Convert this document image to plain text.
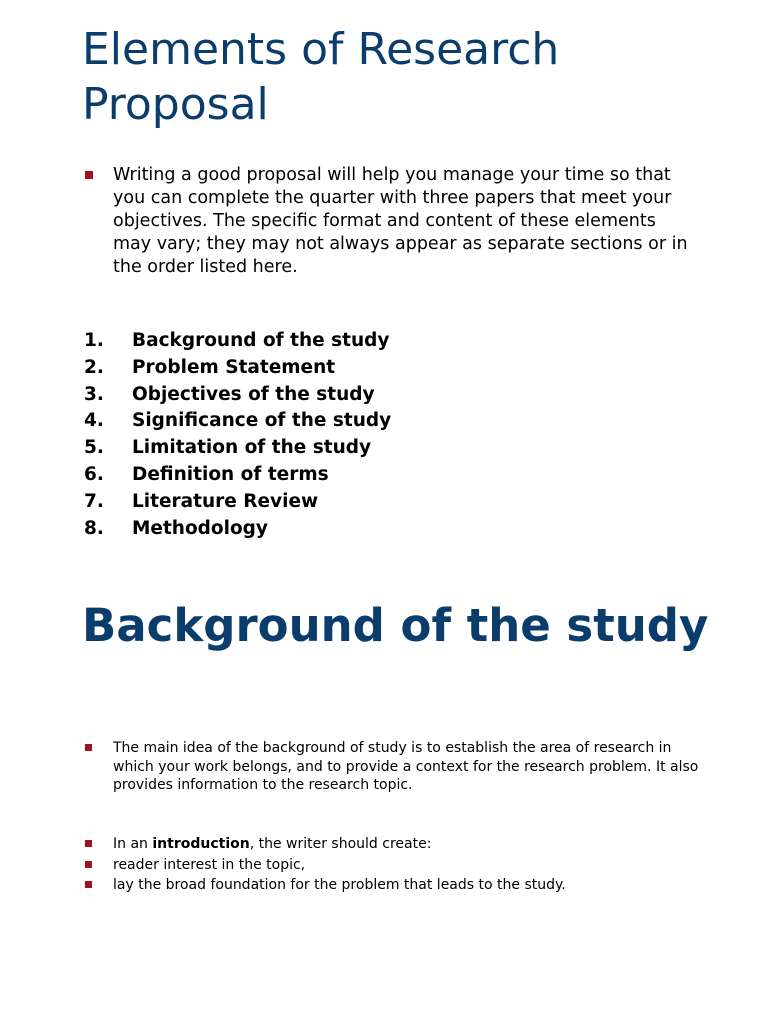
Elements of Research
Proposal
Writing a good proposal will help you manage your time so that
you can complete the quarter with three papers that meet your
objectives. The specific format and content of these elements
may vary; they may not always appear as separate sections or in
the order listed here.
1. Background of the study
2. Problem Statement
3. Objectives of the study
4. Significance of the study
5. Limitation of the study
6. Definition of terms
7. Literature Review
8. Methodology
Background of the study
The main idea of the background of study is to establish the area of research in
which your work belongs, and to provide a context for the research problem. It also
provides information to the research topic.
In an introduction, the writer should create:
reader interest in the topic,
lay the broad foundation for the problem that leads to the study.
